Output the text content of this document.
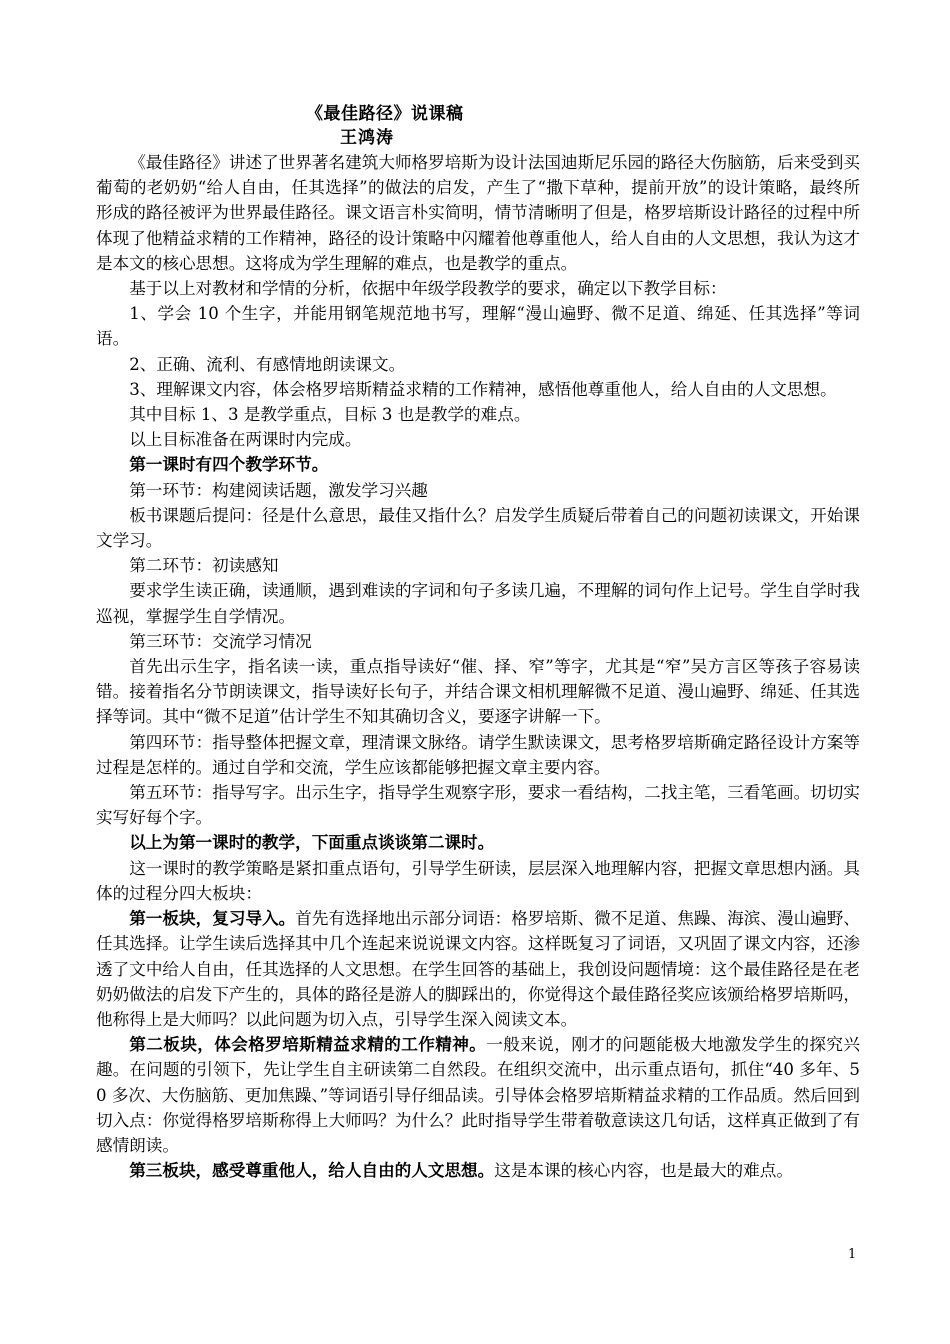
《最佳路径》说课稿
王鸿涛

《最佳路径》讲述了世界著名建筑大师格罗培斯为设计法国迪斯尼乐园的路径大伤脑筋，后来受到买葡萄的老奶奶“给人自由，任其选择”的做法的启发，产生了“撒下草种，提前开放”的设计策略，最终所形成的路径被评为世界最佳路径。课文语言朴实简明，情节清晰明了但是，格罗培斯设计路径的过程中所体现了他精益求精的工作精神，路径的设计策略中闪耀着他尊重他人，给人自由的人文思想，我认为这才是本文的核心思想。这将成为学生理解的难点，也是教学的重点。

基于以上对教材和学情的分析，依据中年级学段教学的要求，确定以下教学目标：

1、学会 10 个生字，并能用钢笔规范地书写，理解“漫山遍野、微不足道、绵延、任其选择”等词语。

2、正确、流利、有感情地朗读课文。

3、理解课文内容，体会格罗培斯精益求精的工作精神，感悟他尊重他人，给人自由的人文思想。

其中目标 1、3 是教学重点，目标 3 也是教学的难点。

以上目标准备在两课时内完成。

第一课时有四个教学环节。

第一环节：构建阅读话题，激发学习兴趣

板书课题后提问：径是什么意思，最佳又指什么？启发学生质疑后带着自己的问题初读课文，开始课文学习。

第二环节：初读感知

要求学生读正确，读通顺，遇到难读的字词和句子多读几遍，不理解的词句作上记号。学生自学时我巡视，掌握学生自学情况。

第三环节：交流学习情况

首先出示生字，指名读一读，重点指导读好“催、择、窄”等字，尤其是“窄”吴方言区等孩子容易读错。接着指名分节朗读课文，指导读好长句子，并结合课文相机理解微不足道、漫山遍野、绵延、任其选择等词。其中“微不足道”估计学生不知其确切含义，要逐字讲解一下。

第四环节：指导整体把握文章，理清课文脉络。请学生默读课文，思考格罗培斯确定路径设计方案等过程是怎样的。通过自学和交流，学生应该都能够把握文章主要内容。

第五环节：指导写字。出示生字，指导学生观察字形，要求一看结构，二找主笔，三看笔画。切切实实写好每个字。

以上为第一课时的教学，下面重点谈谈第二课时。

这一课时的教学策略是紧扣重点语句，引导学生研读，层层深入地理解内容，把握文章思想内涵。具体的过程分四大板块：

第一板块，复习导入。首先有选择地出示部分词语：格罗培斯、微不足道、焦躁、海滨、漫山遍野、任其选择。让学生读后选择其中几个连起来说说课文内容。这样既复习了词语，又巩固了课文内容，还渗透了文中给人自由，任其选择的人文思想。在学生回答的基础上，我创设问题情境：这个最佳路径是在老奶奶做法的启发下产生的，具体的路径是游人的脚踩出的，你觉得这个最佳路径奖应该颁给格罗培斯吗，他称得上是大师吗？以此问题为切入点，引导学生深入阅读文本。

第二板块，体会格罗培斯精益求精的工作精神。一般来说，刚才的问题能极大地激发学生的探究兴趣。在问题的引领下，先让学生自主研读第二自然段。在组织交流中，出示重点语句，抓住“40 多年、50 多次、大伤脑筋、更加焦躁、”等词语引导仔细品读。引导体会格罗培斯精益求精的工作品质。然后回到切入点：你觉得格罗培斯称得上大师吗？为什么？此时指导学生带着敬意读这几句话，这样真正做到了有感情朗读。

第三板块，感受尊重他人，给人自由的人文思想。这是本课的核心内容，也是最大的难点。

1
